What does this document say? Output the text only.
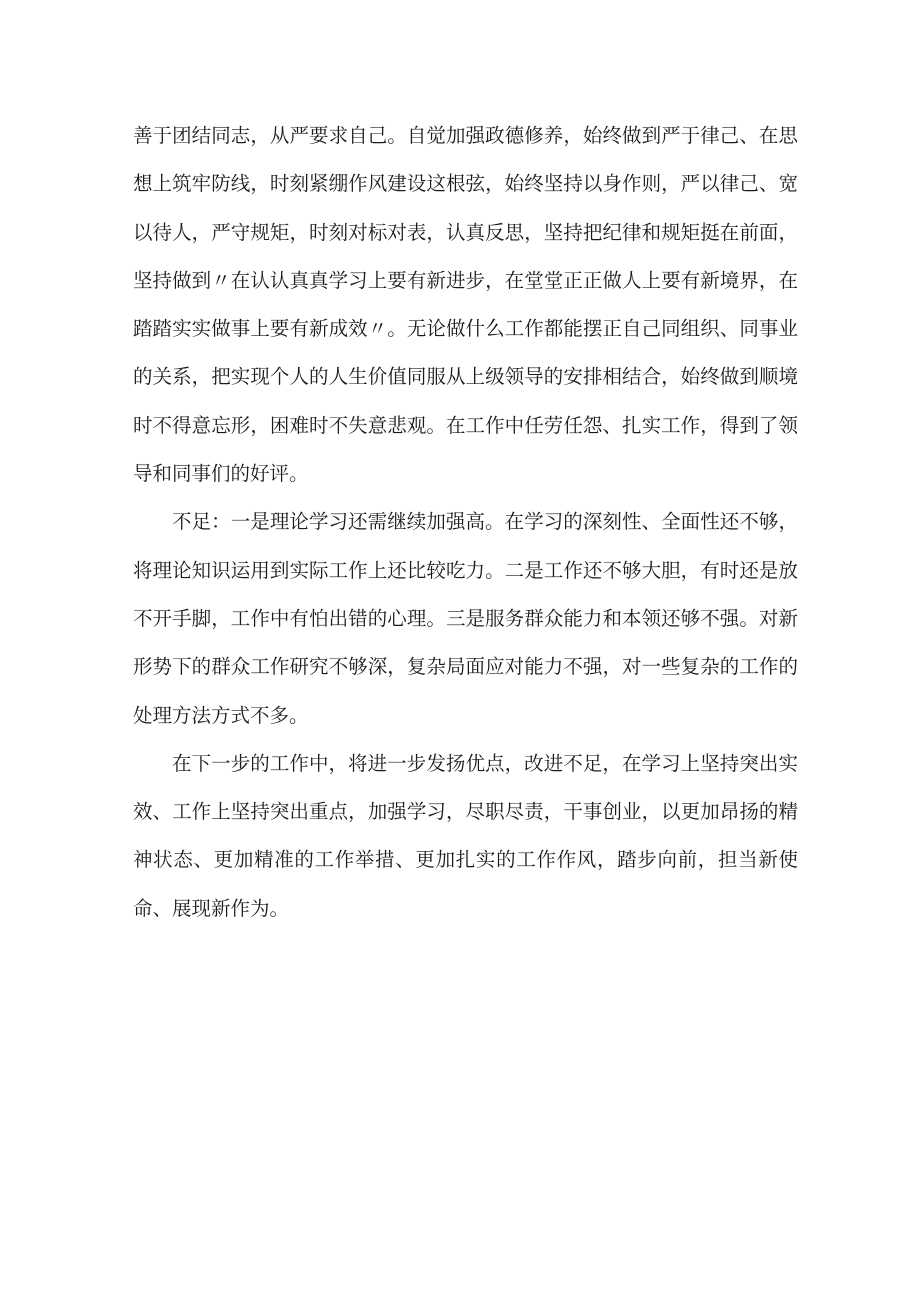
善于团结同志，从严要求自己。自觉加强政德修养，始终做到严于律己、在思想上筑牢防线，时刻紧绷作风建设这根弦，始终坚持以身作则，严以律己、宽以待人，严守规矩，时刻对标对表，认真反思，坚持把纪律和规矩挺在前面，坚持做到〃在认认真真学习上要有新进步，在堂堂正正做人上要有新境界，在踏踏实实做事上要有新成效〃。无论做什么工作都能摆正自己同组织、同事业的关系，把实现个人的人生价值同服从上级领导的安排相结合，始终做到顺境时不得意忘形，困难时不失意悲观。在工作中任劳任怨、扎实工作，得到了领导和同事们的好评。

不足：一是理论学习还需继续加强高。在学习的深刻性、全面性还不够，将理论知识运用到实际工作上还比较吃力。二是工作还不够大胆，有时还是放不开手脚，工作中有怕出错的心理。三是服务群众能力和本领还够不强。对新形势下的群众工作研究不够深，复杂局面应对能力不强，对一些复杂的工作的处理方法方式不多。

在下一步的工作中，将进一步发扬优点，改进不足，在学习上坚持突出实效、工作上坚持突出重点，加强学习，尽职尽责，干事创业，以更加昂扬的精神状态、更加精准的工作举措、更加扎实的工作作风，踏步向前，担当新使命、展现新作为。
